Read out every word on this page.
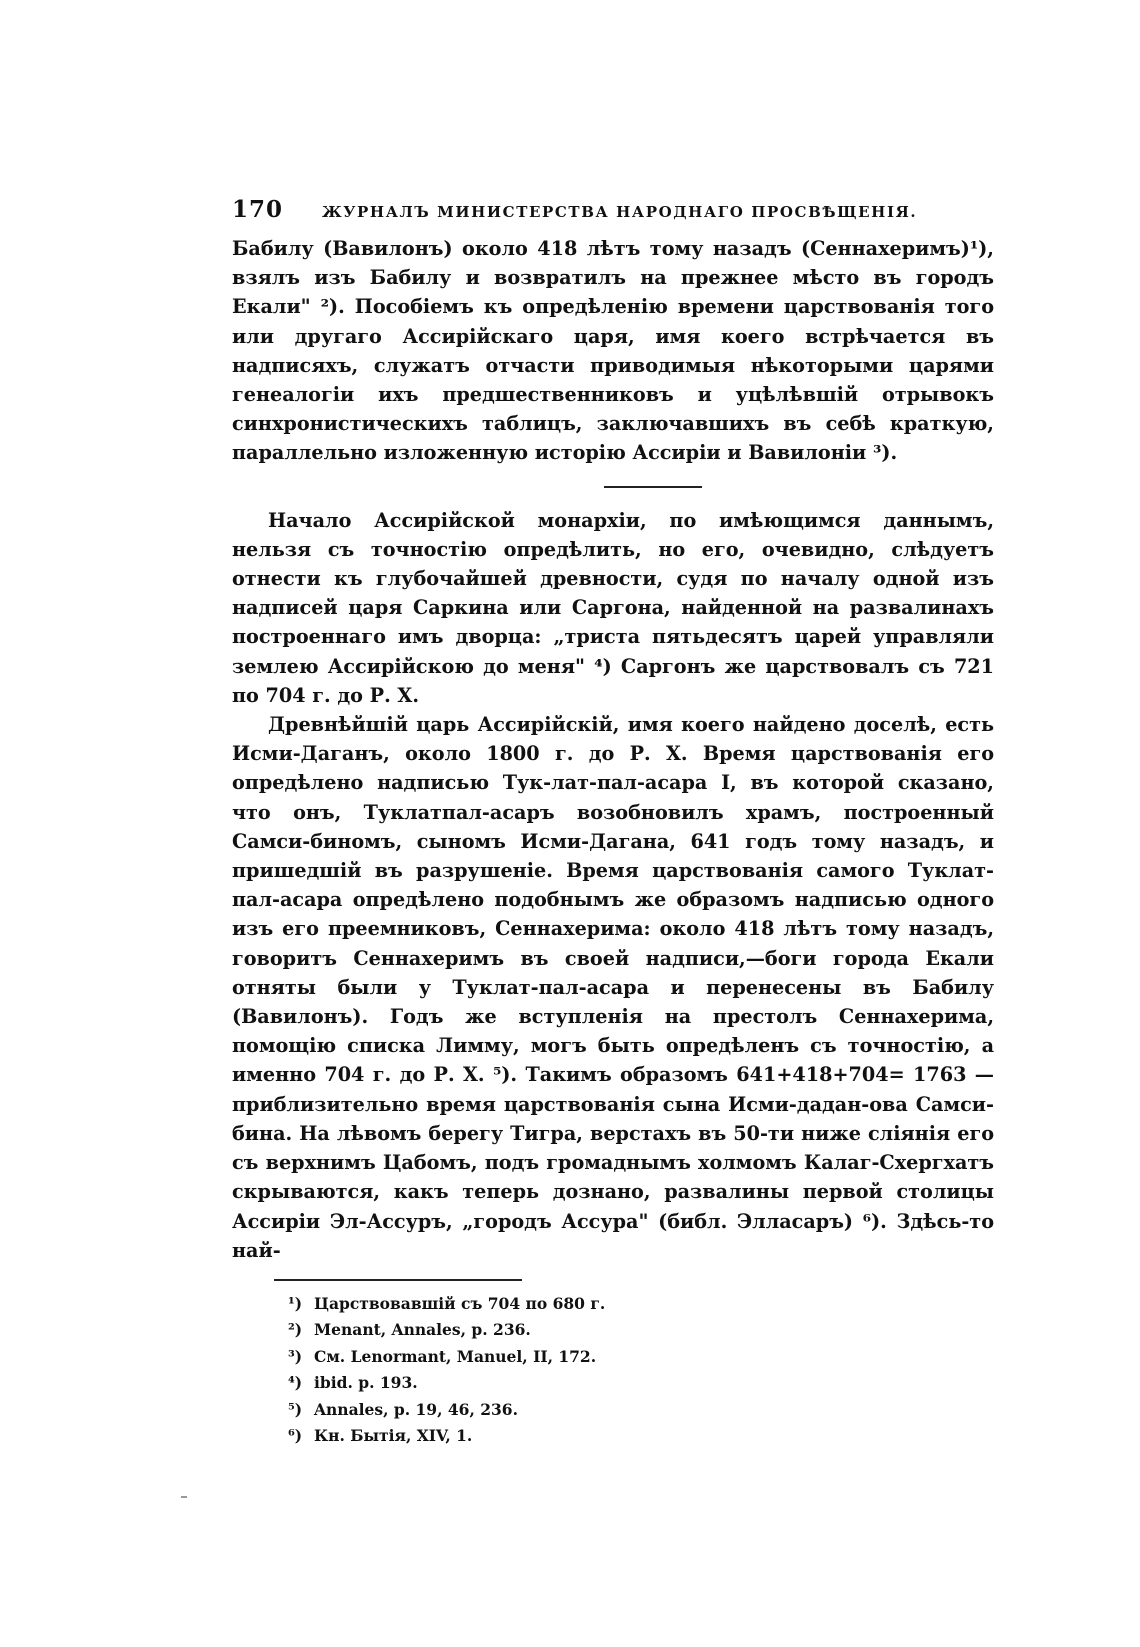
170	ЖУРНАЛЪ МИНИСТЕРСТВА НАРОДНАГО ПРОСВѢЩЕНІЯ.

Бабилу (Вавилонъ) около 418 лѣтъ тому назадъ (Сеннахеримъ)¹), взялъ изъ Бабилу и возвратилъ на прежнее мѣсто въ городъ Екали" ²). Пособіемъ къ опредѣленію времени царствованія того или другаго Ассирійскаго царя, имя коего встрѣчается въ надписяхъ, служатъ отчасти приводимыя нѣкоторыми царями генеалогіи ихъ предшественниковъ и уцѣлѣвшій отрывокъ синхронистическихъ таблицъ, заключавшихъ въ себѣ краткую, параллельно изложенную исторію Ассиріи и Вавилоніи ³).

Начало Ассирійской монархіи, по имѣющимся даннымъ, нельзя съ точностію опредѣлить, но его, очевидно, слѣдуетъ отнести къ глубочайшей древности, судя по началу одной изъ надписей царя Саркина или Саргона, найденной на развалинахъ построеннаго имъ дворца: „триста пятьдесятъ царей управляли землею Ассирійскою до меня" ⁴) Саргонъ же царствовалъ съ 721 по 704 г. до Р. Х.

Древнѣйшій царь Ассирійскій, имя коего найдено доселѣ, есть Исми-Даганъ, около 1800 г. до Р. Х. Время царствованія его опредѣлено надписью Тук-лат-пал-асара I, въ которой сказано, что онъ, Туклатпал-асаръ возобновилъ храмъ, построенный Самси-биномъ, сыномъ Исми-Дагана, 641 годъ тому назадъ, и пришедшій въ разрушеніе. Время царствованія самого Туклат-пал-асара опредѣлено подобнымъ же образомъ надписью одного изъ его преемниковъ, Сеннахерима: около 418 лѣтъ тому назадъ, говоритъ Сеннахеримъ въ своей надписи,—боги города Екали отняты были у Туклат-пал-асара и перенесены въ Бабилу (Вавилонъ). Годъ же вступленія на престолъ Сеннахерима, помощію списка Лимму, могъ быть опредѣленъ съ точностію, а именно 704 г. до Р. Х. ⁵). Такимъ образомъ 641+418+704= 1763 — приблизительно время царствованія сына Исми-дадан-ова Самси-бина. На лѣвомъ берегу Тигра, верстахъ въ 50-ти ниже сліянія его съ верхнимъ Цабомъ, подъ громаднымъ холмомъ Калаг-Схергхатъ скрываются, какъ теперь дознано, развалины первой столицы Ассиріи Эл-Ассуръ, „городъ Ассура" (библ. Элласаръ) ⁶). Здѣсь-то най-

¹) Царствовавшій съ 704 по 680 г.
²) Menant, Annales, p. 236.
³) См. Lenormant, Manuel, II, 172.
⁴) ibid. p. 193.
⁵) Annales, p. 19, 46, 236.
⁶) Кн. Бытія, XIV, 1.
